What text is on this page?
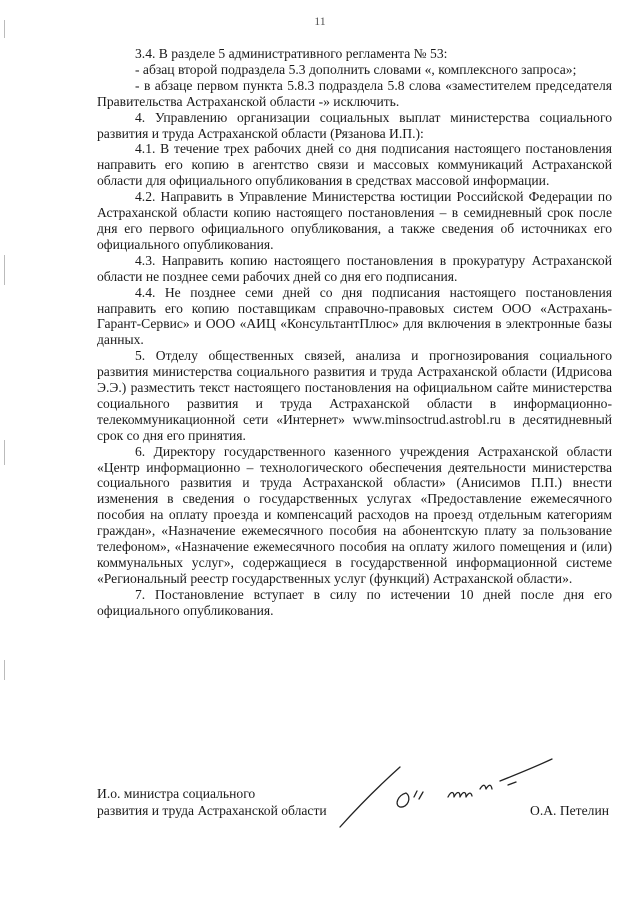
11

3.4. В разделе 5 административного регламента № 53:

- абзац второй подраздела 5.3 дополнить словами «, комплексного запроса»;

- в абзаце первом пункта 5.8.3 подраздела 5.8 слова «заместителем председателя Правительства Астраханской области -» исключить.

4. Управлению организации социальных выплат министерства социального развития и труда Астраханской области (Рязанова И.П.):

4.1. В течение трех рабочих дней со дня подписания настоящего постановления направить его копию в агентство связи и массовых коммуникаций Астраханской области для официального опубликования в средствах массовой информации.

4.2. Направить в Управление Министерства юстиции Российской Федерации по Астраханской области копию настоящего постановления – в семидневный срок после дня его первого официального опубликования, а также сведения об источниках его официального опубликования.

4.3. Направить копию настоящего постановления в прокуратуру Астраханской области не позднее семи рабочих дней со дня его подписания.

4.4. Не позднее семи дней со дня подписания настоящего постановления направить его копию поставщикам справочно-правовых систем ООО «Астрахань-Гарант-Сервис» и ООО «АИЦ «КонсультантПлюс» для включения в электронные базы данных.

5. Отделу общественных связей, анализа и прогнозирования социального развития министерства социального развития и труда Астраханской области (Идрисова Э.Э.) разместить текст настоящего постановления на официальном сайте министерства социального развития и труда Астраханской области в информационно-телекоммуникационной сети «Интернет» www.minsoctrud.astrobl.ru в десятидневный срок со дня его принятия.

6. Директору государственного казенного учреждения Астраханской области «Центр информационно – технологического обеспечения деятельности министерства социального развития и труда Астраханской области» (Анисимов П.П.) внести изменения в сведения о государственных услугах «Предоставление ежемесячного пособия на оплату проезда и компенсаций расходов на проезд отдельным категориям граждан», «Назначение ежемесячного пособия на абонентскую плату за пользование телефоном», «Назначение ежемесячного пособия на оплату жилого помещения и (или) коммунальных услуг», содержащиеся в государственной информационной системе «Региональный реестр государственных услуг (функций) Астраханской области».

7. Постановление вступает в силу по истечении 10 дней после дня его официального опубликования.

И.о. министра социального
развития и труда Астраханской области	О.А. Петелин
